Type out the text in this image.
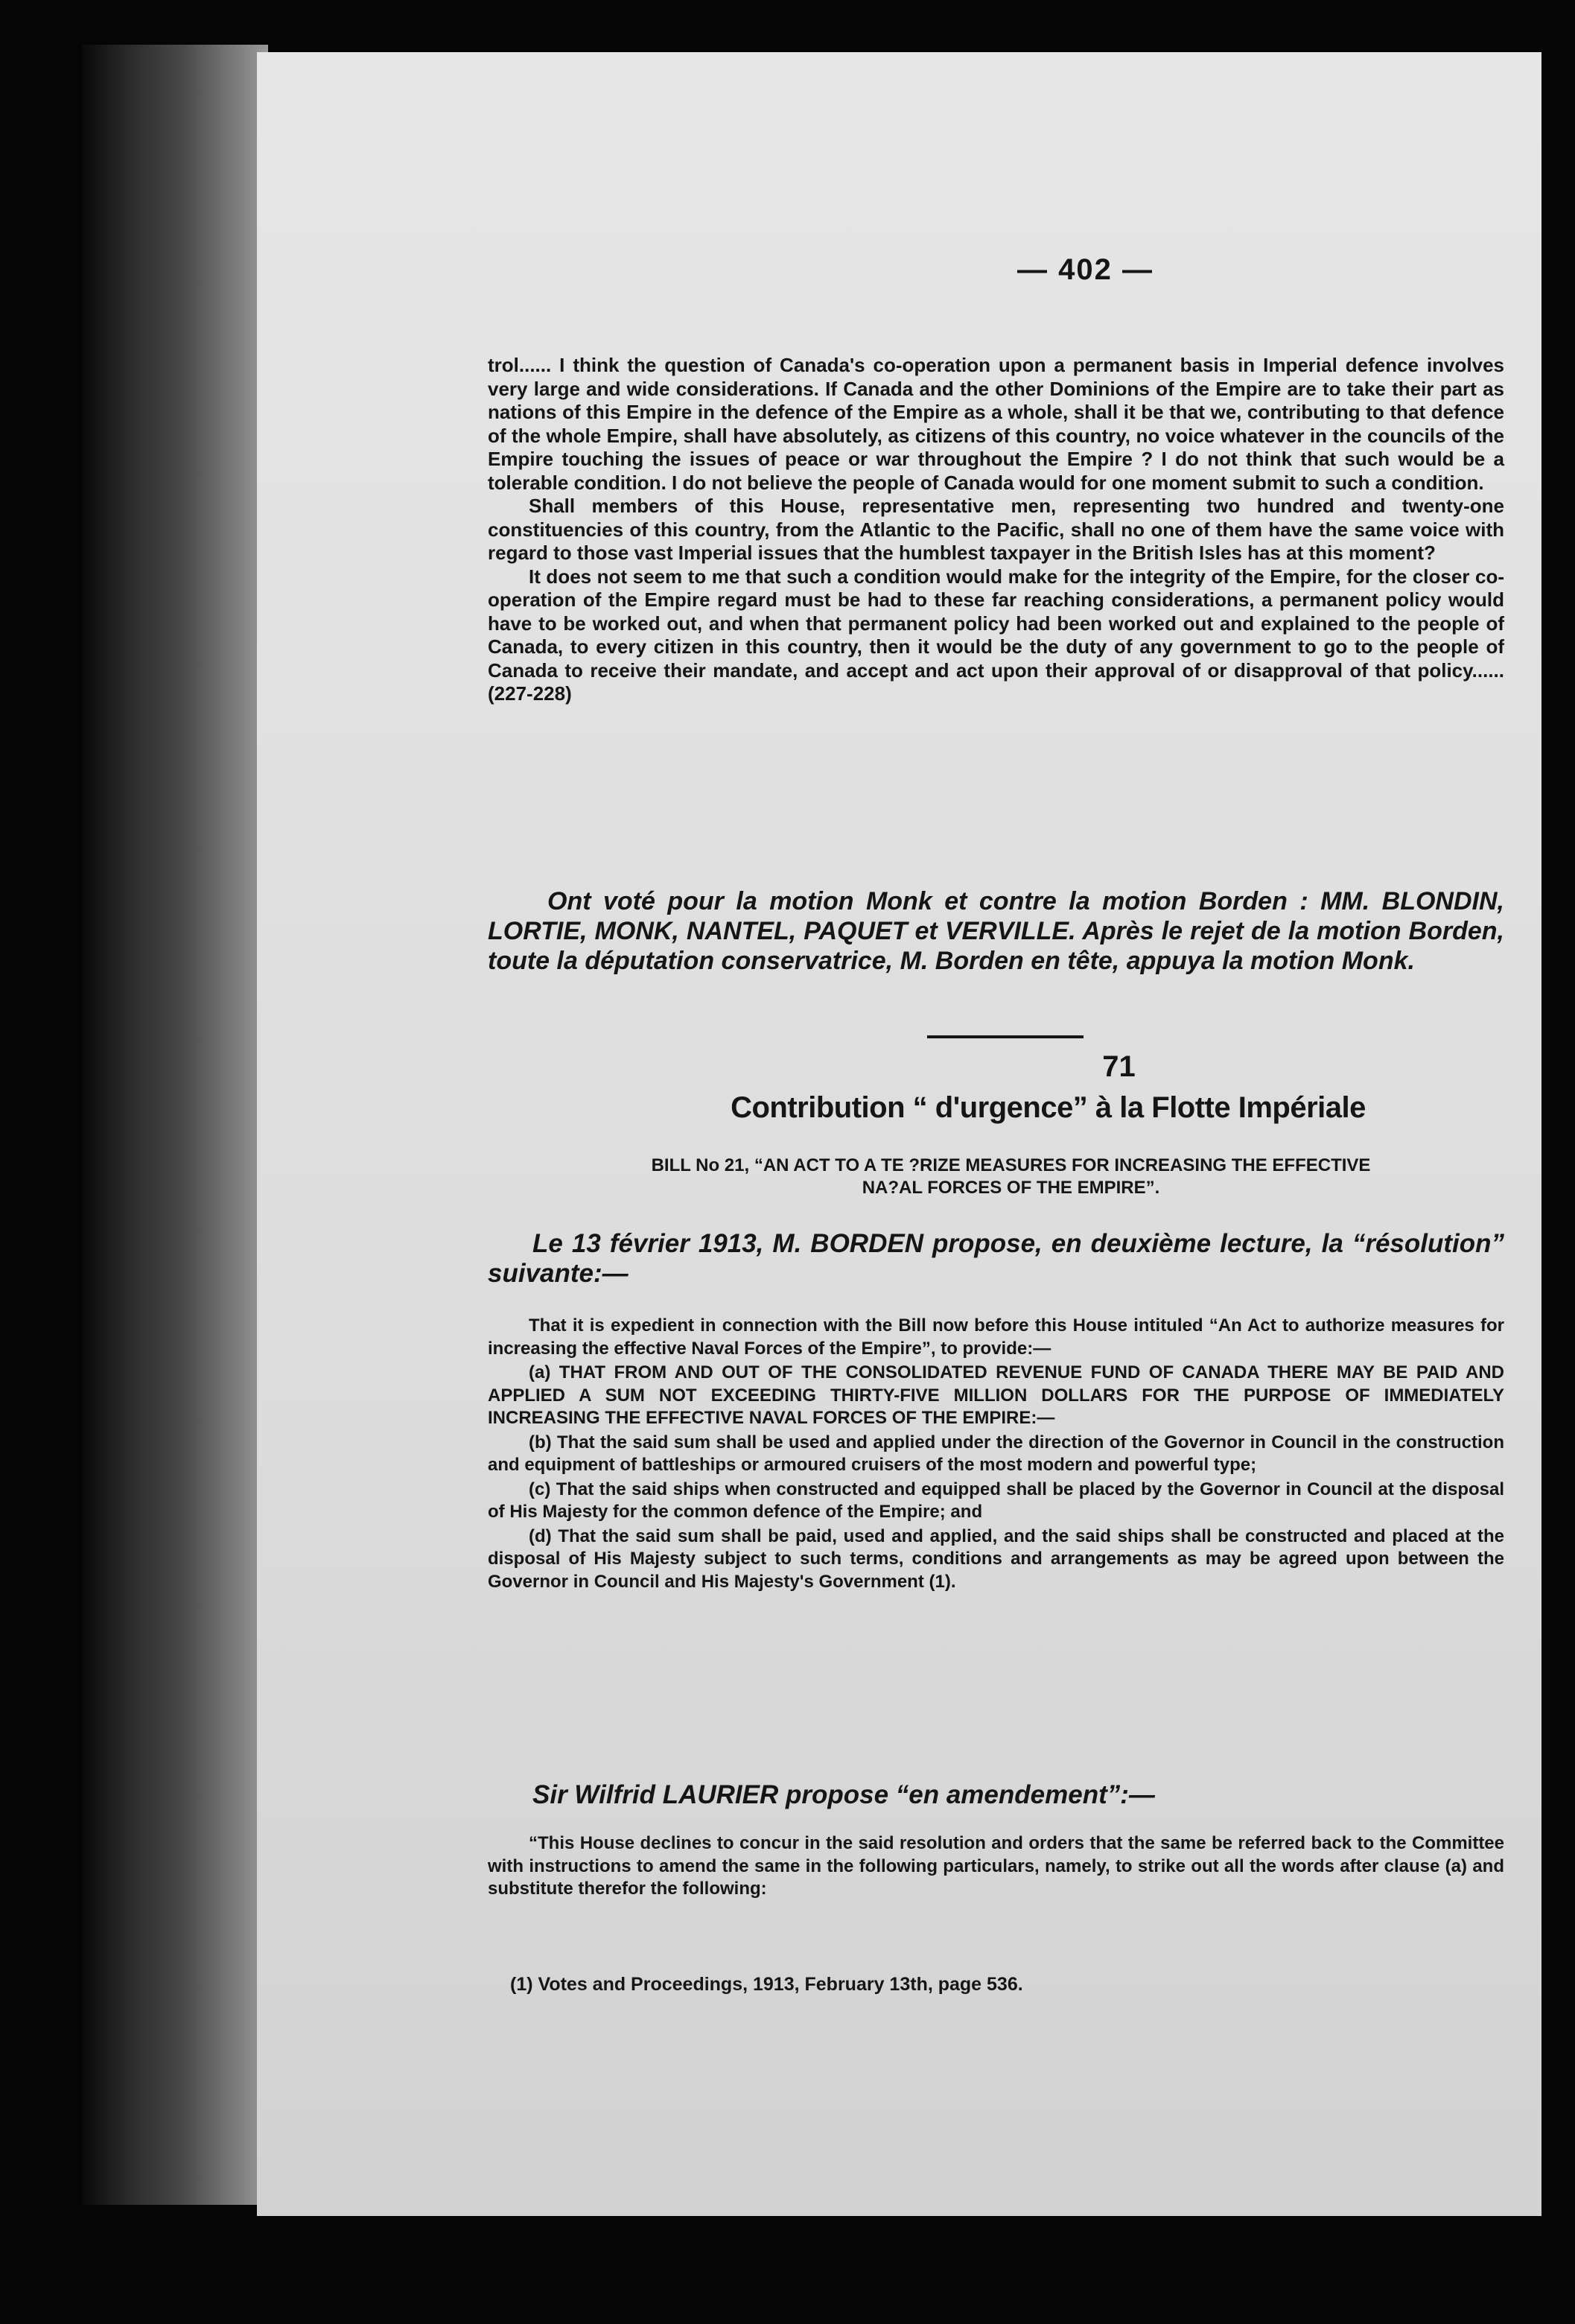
— 402 —

trol...... I think the question of Canada's co-operation upon a permanent basis in Imperial defence involves very large and wide considerations. If Canada and the other Dominions of the Empire are to take their part as nations of this Empire in the defence of the Empire as a whole, shall it be that we, contributing to that defence of the whole Empire, shall have absolutely, as citizens of this country, no voice whatever in the councils of the Empire touching the issues of peace or war throughout the Empire ? I do not think that such would be a tolerable condition. I do not believe the people of Canada would for one moment submit to such a condition.

Shall members of this House, representative men, representing two hundred and twenty-one constituencies of this country, from the Atlantic to the Pacific, shall no one of them have the same voice with regard to those vast Imperial issues that the humblest taxpayer in the British Isles has at this moment?

It does not seem to me that such a condition would make for the integrity of the Empire, for the closer co-operation of the Empire regard must be had to these far reaching considerations, a permanent policy would have to be worked out, and when that permanent policy had been worked out and explained to the people of Canada, to every citizen in this country, then it would be the duty of any government to go to the people of Canada to receive their mandate, and accept and act upon their approval of or disapproval of that policy...... (227-228)

Ont voté pour la motion Monk et contre la motion Borden : MM. BLONDIN, LORTIE, MONK, NANTEL, PAQUET et VERVILLE. Après le rejet de la motion Borden, toute la députation conservatrice, M. Borden en tête, appuya la motion Monk.
71
Contribution “ d'urgence” à la Flotte Impériale
BILL No 21, “AN ACT TO A TE ?RIZE MEASURES FOR INCREASING THE EFFECTIVE
NA?AL FORCES OF THE EMPIRE”.
Le 13 février 1913, M. BORDEN propose, en deuxième lecture, la “résolution” suivante:—

That it is expedient in connection with the Bill now before this House intituled “An Act to authorize measures for increasing the effective Naval Forces of the Empire”, to provide:—

(a) THAT FROM AND OUT OF THE CONSOLIDATED REVENUE FUND OF CANADA THERE MAY BE PAID AND APPLIED A SUM NOT EXCEEDING THIRTY-FIVE MILLION DOLLARS FOR THE PURPOSE OF IMMEDIATELY INCREASING THE EFFECTIVE NAVAL FORCES OF THE EMPIRE:—

(b) That the said sum shall be used and applied under the direction of the Governor in Council in the construction and equipment of battleships or armoured cruisers of the most modern and powerful type;

(c) That the said ships when constructed and equipped shall be placed by the Governor in Council at the disposal of His Majesty for the common defence of the Empire; and

(d) That the said sum shall be paid, used and applied, and the said ships shall be constructed and placed at the disposal of His Majesty subject to such terms, conditions and arrangements as may be agreed upon between the Governor in Council and His Majesty's Government (1).

Sir Wilfrid LAURIER propose “en amendement”:—
“This House declines to concur in the said resolution and orders that the same be referred back to the Committee with instructions to amend the same in the following particulars, namely, to strike out all the words after clause (a) and substitute therefor the following:
(1) Votes and Proceedings, 1913, February 13th, page 536.
